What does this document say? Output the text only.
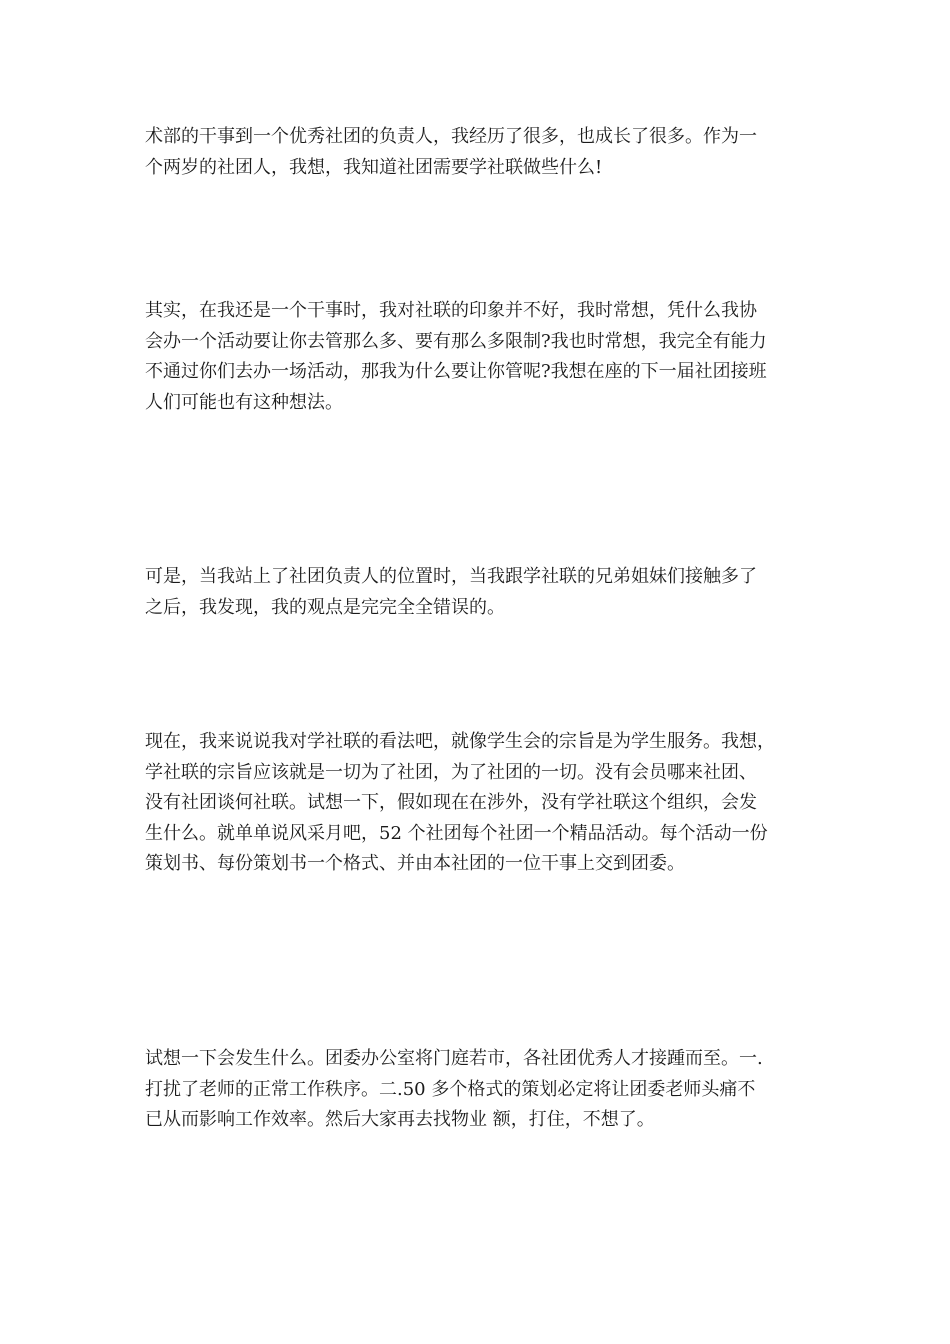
术部的干事到一个优秀社团的负责人，我经历了很多，也成长了很多。作为一
个两岁的社团人，我想，我知道社团需要学社联做些什么!
其实，在我还是一个干事时，我对社联的印象并不好，我时常想，凭什么我协
会办一个活动要让你去管那么多、要有那么多限制?我也时常想，我完全有能力
不通过你们去办一场活动，那我为什么要让你管呢?我想在座的下一届社团接班
人们可能也有这种想法。
可是，当我站上了社团负责人的位置时，当我跟学社联的兄弟姐妹们接触多了
之后，我发现，我的观点是完完全全错误的。
现在，我来说说我对学社联的看法吧，就像学生会的宗旨是为学生服务。我想，
学社联的宗旨应该就是一切为了社团，为了社团的一切。没有会员哪来社团、
没有社团谈何社联。试想一下，假如现在在涉外，没有学社联这个组织，会发
生什么。就单单说风采月吧，52 个社团每个社团一个精品活动。每个活动一份
策划书、每份策划书一个格式、并由本社团的一位干事上交到团委。
试想一下会发生什么。团委办公室将门庭若市，各社团优秀人才接踵而至。一.
打扰了老师的正常工作秩序。二.50 多个格式的策划必定将让团委老师头痛不
已从而影响工作效率。然后大家再去找物业 额，打住，不想了。
